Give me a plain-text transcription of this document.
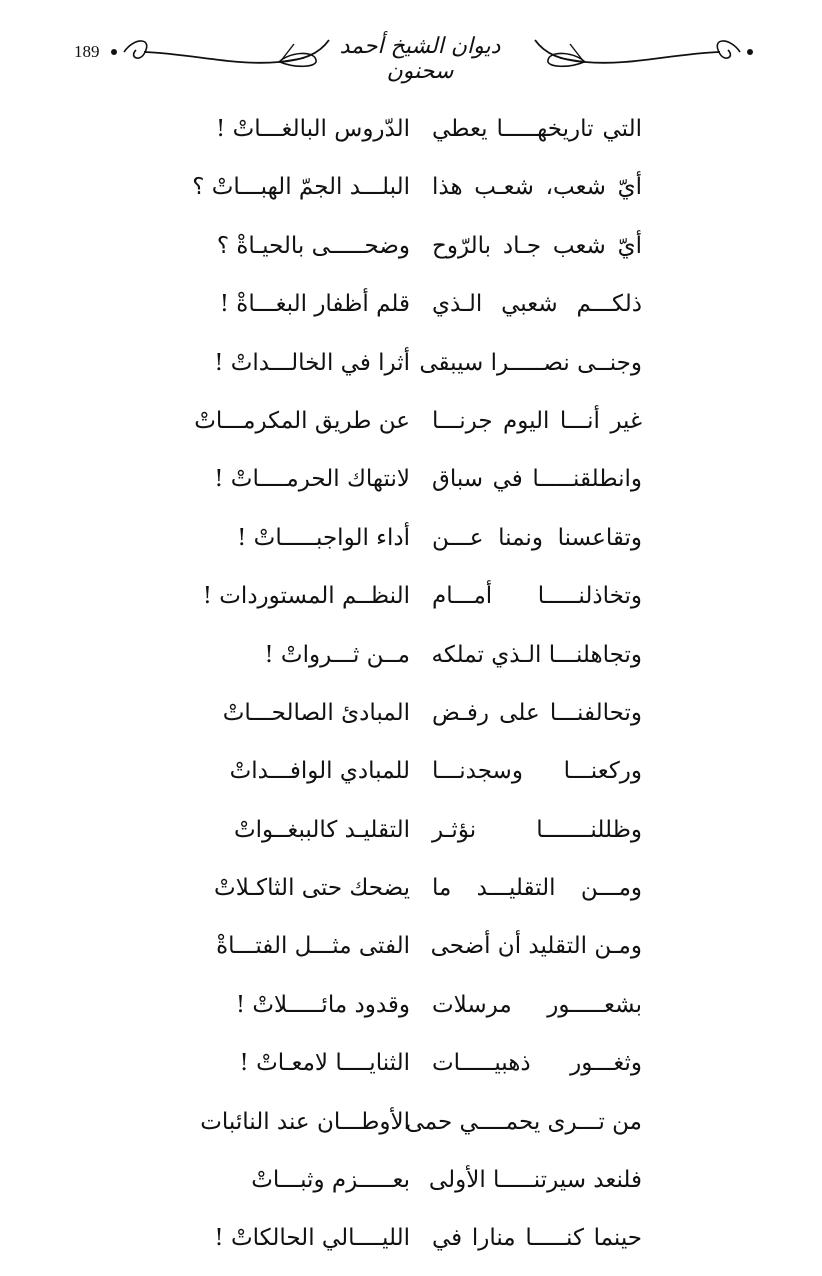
189	ديوان الشيخ أحمد سحنون
التي تاريخهـــــا يعطي
الدّروس البالغـــاتْ !
أيّ شعب، شعـب هذا
البلـــد الجمّ الهبـــاتْ ؟
أيّ شعب جـاد بالرّوح
وضحـــــى بالحيـاةْ ؟
ذلكـــم شعبي الـذي
قلم أظفار البغـــاةْ !
وجنــى نصـــــرا سيبقى
أثرا في الخالـــداتْ !
غير أنـــا اليوم جرنـــا
عن طريق المكرمـــاتْ
وانطلقنـــــا في سباق
لانتهاك الحرمــــاتْ !
وتقاعسنا ونمنا عـــن
أداء الواجبـــــاتْ !
وتخاذلنـــــا أمـــام
النظــم المستوردات !
وتجاهلنـــا الـذي تملكه
مــن ثـــرواتْ !
وتحالفنـــا على رفـض
المبادئ الصالحـــاتْ
وركعنـــا وسجدنـــا
للمبادي الوافـــداتْ
وظللنـــــــا نؤثـر
التقليـد كالببغــواتْ
ومـــن التقليـــد ما
يضحك حتى الثاكـلاتْ
ومـن التقليد أن أضحى
الفتى مثـــل الفتـــاةْ
بشعـــــور مرسلات
وقدود مائـــــلاتْ !
وثغـــور ذهبيـــــات
الثنايــــا لامعـاتْ !
من تـــرى يحمــــي حمى
الأوطـــان عند النائبات
فلنعد سيرتنـــــا الأولى
بعـــــزم وثبـــاتْ
حينما كنـــــا منارا في
الليــــالي الحالكاتْ !
